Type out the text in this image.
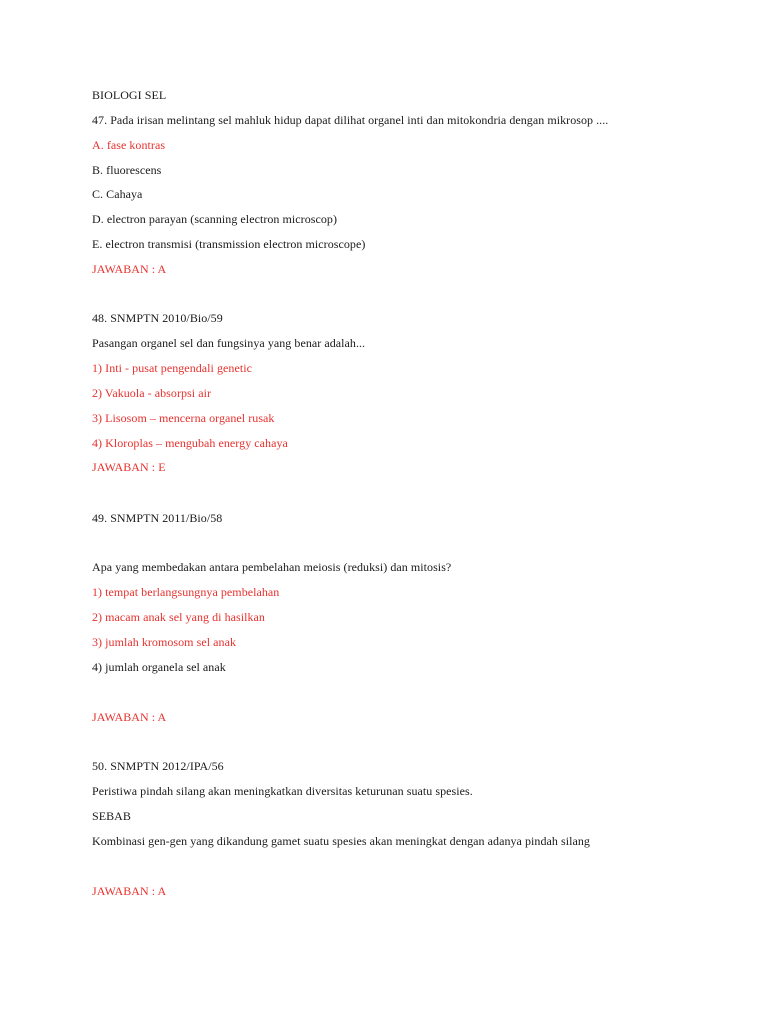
BIOLOGI SEL
47. Pada irisan melintang sel mahluk hidup dapat dilihat organel inti dan mitokondria dengan mikrosop ....
A. fase kontras
B. fluorescens
C. Cahaya
D. electron parayan (scanning electron microscop)
E. electron transmisi (transmission electron microscope)
JAWABAN : A
48. SNMPTN 2010/Bio/59
Pasangan organel sel dan fungsinya yang benar adalah...
1) Inti - pusat pengendali genetic
2) Vakuola - absorpsi air
3) Lisosom – mencerna organel rusak
4) Kloroplas – mengubah energy cahaya
JAWABAN : E
49. SNMPTN 2011/Bio/58
Apa yang membedakan antara pembelahan meiosis (reduksi) dan mitosis?
1) tempat berlangsungnya pembelahan
2) macam anak sel yang di hasilkan
3) jumlah kromosom sel anak
4) jumlah organela sel anak
JAWABAN : A
50. SNMPTN 2012/IPA/56
Peristiwa pindah silang akan meningkatkan diversitas keturunan suatu spesies.
SEBAB
Kombinasi gen-gen yang dikandung gamet suatu spesies akan meningkat dengan adanya pindah silang
JAWABAN : A
